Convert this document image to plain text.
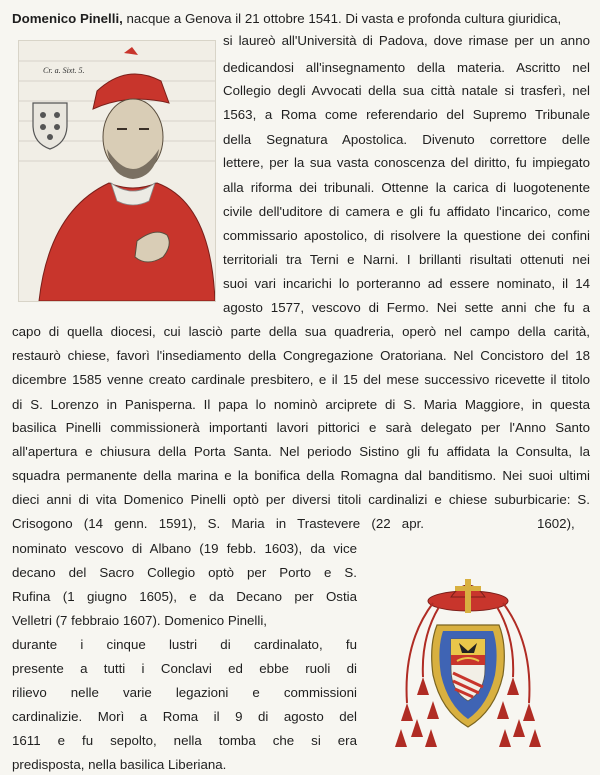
Cr. a. Sixt. 5.
Domenico Pinelli, nacque a Genova il 21 ottobre 1541. Di vasta e profonda cultura giuridica,
si laureò all'Università di Padova, dove rimase per un anno
dedicandosi all'insegnamento della materia. Ascritto nel
Collegio degli Avvocati della sua città natale si trasferì, nel
1563, a Roma come referendario del Supremo Tribunale
della Segnatura Apostolica. Divenuto correttore delle
lettere, per la sua vasta conoscenza del diritto, fu impiegato
alla riforma dei tribunali. Ottenne la carica di luogotenente
civile dell'uditore di camera e gli fu affidato l'incarico, come
commissario apostolico, di risolvere la questione dei confini
territoriali tra Terni e Narni. I brillanti risultati ottenuti nei
suoi vari incarichi lo porteranno ad essere nominato, il 14
agosto 1577, vescovo di Fermo. Nei sette anni che fu a
capo di quella diocesi, cui lasciò parte della sua quadreria, operò nel campo della carità,
restaurò chiese, favorì l'insediamento della Congregazione Oratoriana. Nel Concistoro del 18
dicembre 1585 venne creato cardinale presbitero, e il 15 del mese successivo ricevette il titolo
di S. Lorenzo in Panisperna. Il papa lo nominò arciprete di S. Maria Maggiore, in questa
basilica Pinelli commissionerà importanti lavori pittorici e sarà delegato per l'Anno Santo
all'apertura e chiusura della Porta Santa. Nel periodo Sistino gli fu affidata la Consulta, la
squadra permanente della marina e la bonifica della Romagna dal banditismo. Nei suoi ultimi
dieci anni di vita Domenico Pinelli optò per diversi titoli cardinalizi e chiese suburbicarie: S.
Crisogono (14 genn. 1591), S. Maria in Trastevere (22 apr.	1602),
nominato vescovo di Albano (19 febb. 1603), da vice
decano del Sacro Collegio optò per Porto e S.
Rufina (1 giugno 1605), e da Decano per Ostia
Velletri (7 febbraio 1607). Domenico Pinelli,
durante i cinque lustri di cardinalato, fu
presente a tutti i Conclavi ed ebbe ruoli di
rilievo nelle varie legazioni e commissioni
cardinalizie. Morì a Roma il 9 di agosto del
1611 e fu sepolto, nella tomba che si era
predisposta, nella basilica Liberiana.
